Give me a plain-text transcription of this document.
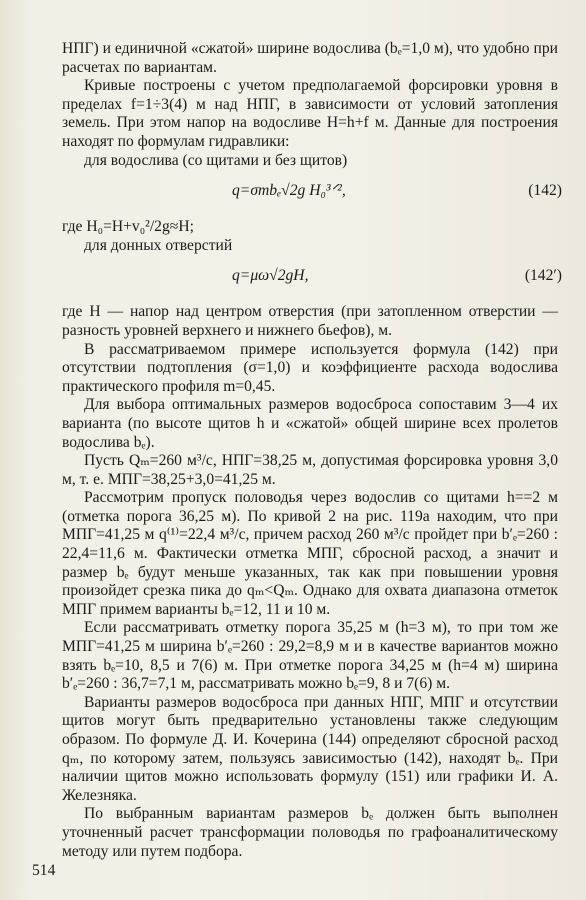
НПГ) и единичной «сжатой» ширине водослива (bₑ=1,0 м), что удобно при расчетах по вариантам.

Кривые построены с учетом предполагаемой форсировки уровня в пределах f=1÷3(4) м над НПГ, в зависимости от условий затопления земель. При этом напор на водосливе H=h+f м. Данные для построения находят по формулам гидравлики:

для водослива (со щитами и без щитов)

q=σmbₑ√2g H₀³ᐟ²,	(142)

где H₀=H+v₀²/2g≈H;

для донных отверстий

q=μω√2gH,	(142′)

где H — напор над центром отверстия (при затопленном отверстии — разность уровней верхнего и нижнего бьефов), м.

В рассматриваемом примере используется формула (142) при отсутствии подтопления (σ=1,0) и коэффициенте расхода водослива практического профиля m=0,45.

Для выбора оптимальных размеров водосброса сопоставим 3—4 их варианта (по высоте щитов h и «сжатой» общей ширине всех пролетов водослива bₑ).

Пусть Qₘ=260 м³/с, НПГ=38,25 м, допустимая форсировка уровня 3,0 м, т. е. МПГ=38,25+3,0=41,25 м.

Рассмотрим пропуск половодья через водослив со щитами h==2 м (отметка порога 36,25 м). По кривой 2 на рис. 119а находим, что при МПГ=41,25 м q⁽¹⁾=22,4 м³/с, причем расход 260 м³/с пройдет при b′ₑ=260 : 22,4=11,6 м. Фактически отметка МПГ, сбросной расход, а значит и размер bₑ будут меньше указанных, так как при повышении уровня произойдет срезка пика до qₘ<Qₘ. Однако для охвата диапазона отметок МПГ примем варианты bₑ=12, 11 и 10 м.

Если рассматривать отметку порога 35,25 м (h=3 м), то при том же МПГ=41,25 м ширина b′ₑ=260 : 29,2=8,9 м и в качестве вариантов можно взять bₑ=10, 8,5 и 7(6) м. При отметке порога 34,25 м (h=4 м) ширина b′ₑ=260 : 36,7=7,1 м, рассматривать можно bₑ=9, 8 и 7(6) м.

Варианты размеров водосброса при данных НПГ, МПГ и отсутствии щитов могут быть предварительно установлены также следующим образом. По формуле Д. И. Кочерина (144) определяют сбросной расход qₘ, по которому затем, пользуясь зависимостью (142), находят bₑ. При наличии щитов можно использовать формулу (151) или графики И. А. Железняка.

По выбранным вариантам размеров bₑ должен быть выполнен уточненный расчет трансформации половодья по графоаналитическому методу или путем подбора.

514
